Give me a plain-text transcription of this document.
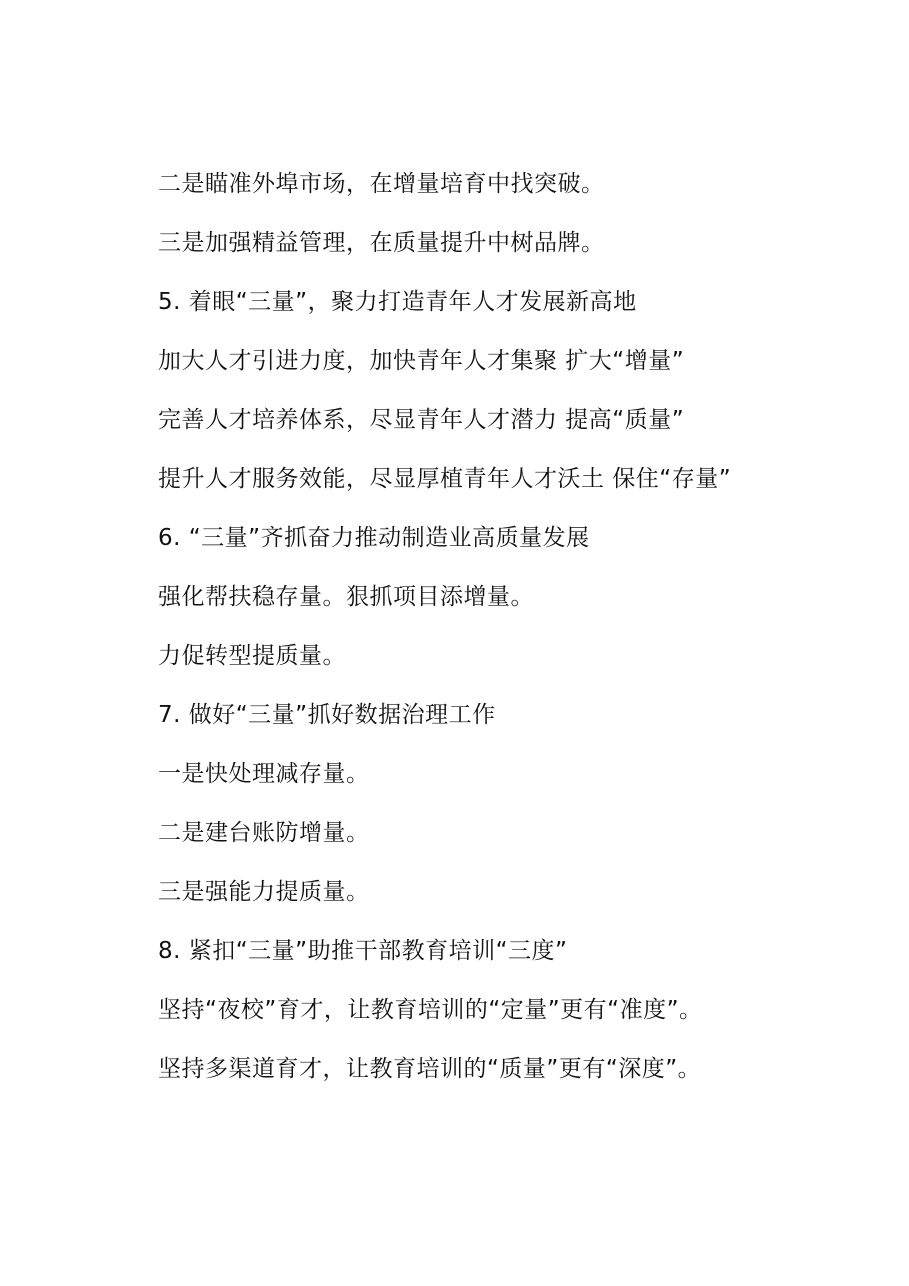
二是瞄准外埠市场，在增量培育中找突破。
三是加强精益管理，在质量提升中树品牌。
5. 着眼“三量”，聚力打造青年人才发展新高地
加大人才引进力度，加快青年人才集聚 扩大“增量”
完善人才培养体系，尽显青年人才潜力 提高“质量”
提升人才服务效能，尽显厚植青年人才沃土 保住“存量”
6. “三量”齐抓奋力推动制造业高质量发展
强化帮扶稳存量。狠抓项目添增量。
力促转型提质量。
7. 做好“三量”抓好数据治理工作
一是快处理减存量。
二是建台账防增量。
三是强能力提质量。
8. 紧扣“三量”助推干部教育培训“三度”
坚持“夜校”育才，让教育培训的“定量”更有“准度”。
坚持多渠道育才，让教育培训的“质量”更有“深度”。
